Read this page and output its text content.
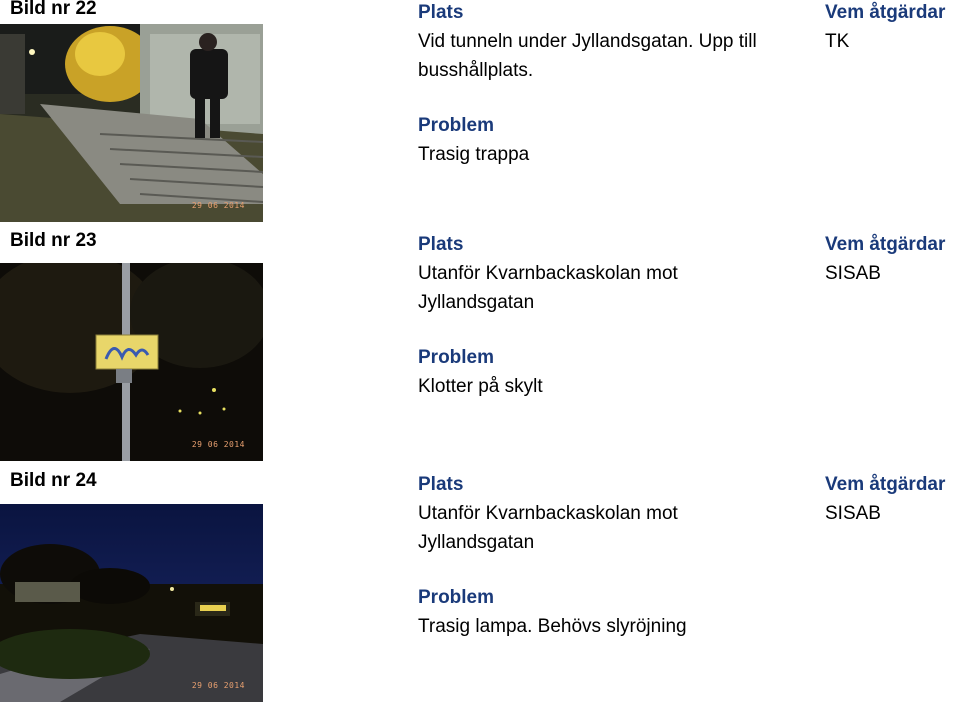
Bild nr 22
29 06 2014
Plats
Vid tunneln under Jyllandsgatan. Upp till busshållplats.
Vem åtgärdar
TK
Problem
Trasig trappa
Bild nr 23
29 06 2014
Plats
Utanför Kvarnbackaskolan mot Jyllandsgatan
Vem åtgärdar
SISAB
Problem
Klotter på skylt
Bild nr 24
29 06 2014
Plats
Utanför Kvarnbackaskolan mot Jyllandsgatan
Vem åtgärdar
SISAB
Problem
Trasig lampa. Behövs slyröjning
